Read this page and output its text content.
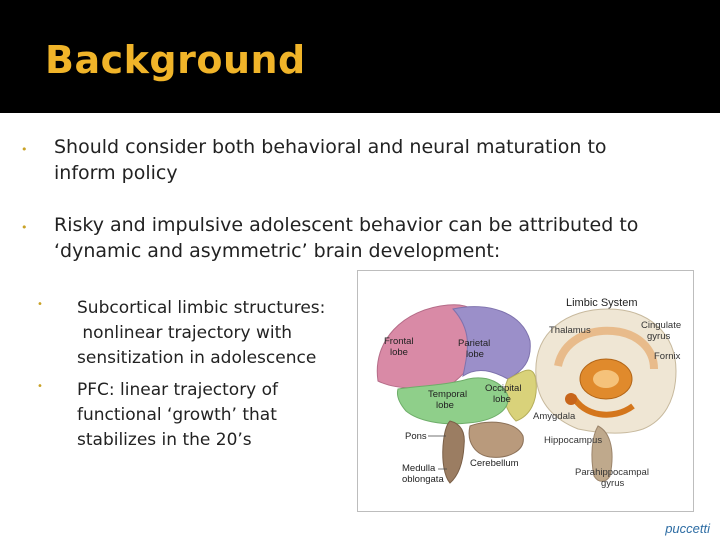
Background
• Should consider both behavioral and neural maturation to
inform policy
• Risky and impulsive adolescent behavior can be attributed to
‘dynamic and asymmetric’ brain development:
• Subcortical limbic structures:
nonlinear trajectory with
sensitization in adolescence
• PFC: linear trajectory of
functional ‘growth’ that
stabilizes in the 20’s
Frontal
lobe
Parietal
lobe
Temporal
lobe
Occipital
lobe
Pons
Cerebellum
Medulla
oblongata
Limbic System
Thalamus	Cingulate
gyrus
Fornix
Amygdala
Hippocampus
Parahippocampal
gyrus
puccetti
